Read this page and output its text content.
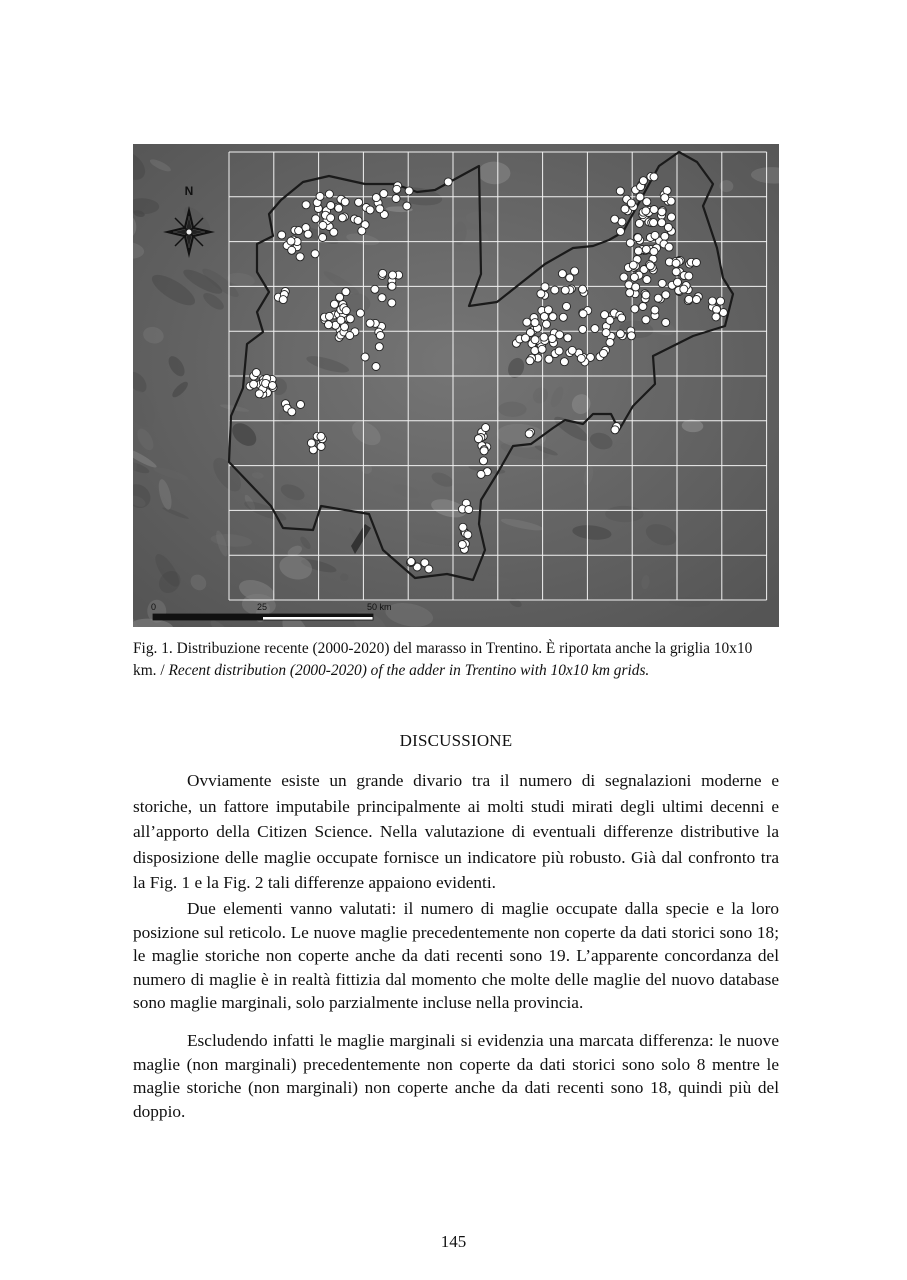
N
0	25	50 km
Fig. 1. Distribuzione recente (2000-2020) del marasso in Trentino. È riportata anche la griglia 10x10 km. / Recent distribution (2000-2020) of the adder in Trentino with 10x10 km grids.
DISCUSSIONE

Ovviamente esiste un grande divario tra il numero di segnalazioni moderne e storiche, un fattore imputabile principalmente ai molti studi mirati degli ultimi decenni e all’apporto della Citizen Science. Nella valutazione di eventuali differenze distributive la disposizione delle maglie occupate fornisce un indicatore più robusto. Già dal confronto tra la Fig. 1 e la Fig. 2 tali differenze appaiono evidenti.

Due elementi vanno valutati: il numero di maglie occupate dalla specie e la loro posizione sul reticolo. Le nuove maglie precedentemente non coperte da dati storici sono 18; le maglie storiche non coperte anche da dati recenti sono 19. L’apparente concordanza del numero di maglie è in realtà fittizia dal momento che molte delle maglie del nuovo database sono maglie marginali, solo parzialmente incluse nella provincia.

Escludendo infatti le maglie marginali si evidenzia una marcata differenza: le nuove maglie (non marginali) precedentemente non coperte da dati storici sono solo 8 mentre le maglie storiche (non marginali) non coperte anche da dati recenti sono 18, quindi più del doppio.

145
